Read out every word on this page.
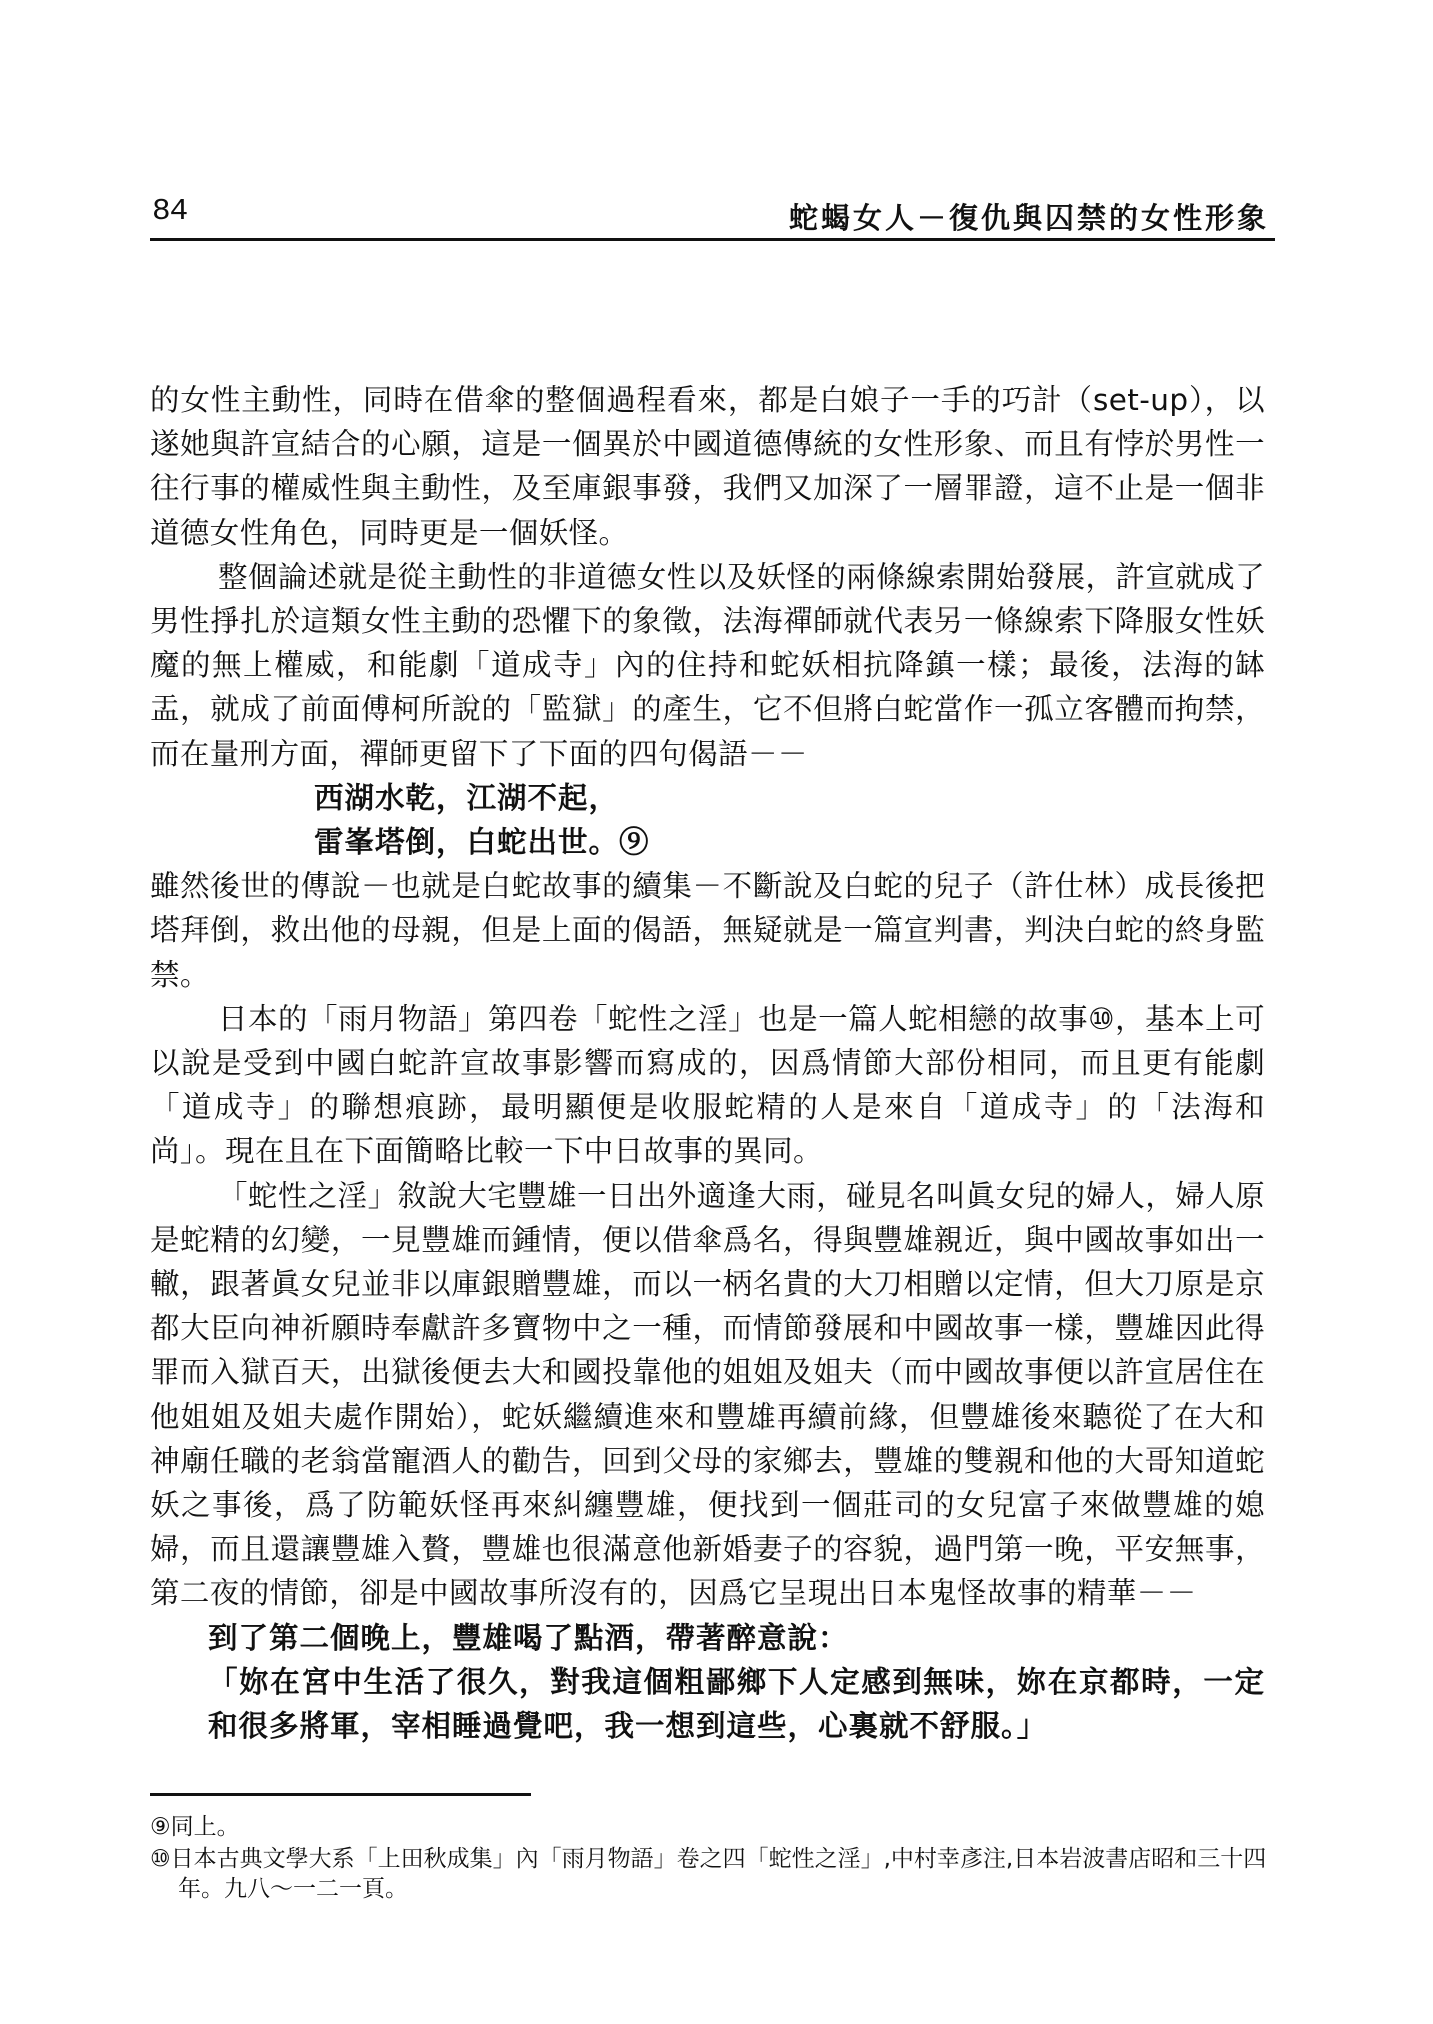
84	蛇蝎女人－復仇與囚禁的女性形象

的女性主動性，同時在借傘的整個過程看來，都是白娘子一手的巧計（set-up），以遂她與許宣結合的心願，這是一個異於中國道德傳統的女性形象、而且有悖於男性一往行事的權威性與主動性，及至庫銀事發，我們又加深了一層罪證，這不止是一個非道德女性角色，同時更是一個妖怪。

整個論述就是從主動性的非道德女性以及妖怪的兩條線索開始發展，許宣就成了男性掙扎於這類女性主動的恐懼下的象徵，法海禪師就代表另一條線索下降服女性妖魔的無上權威，和能劇「道成寺」內的住持和蛇妖相抗降鎮一樣；最後，法海的缽盂，就成了前面傅柯所說的「監獄」的產生，它不但將白蛇當作一孤立客體而拘禁，而在量刑方面，禪師更留下了下面的四句偈語－－

西湖水乾，江湖不起，

雷峯塔倒，白蛇出世。⑨

雖然後世的傳說－也就是白蛇故事的續集－不斷說及白蛇的兒子（許仕林）成長後把塔拜倒，救出他的母親，但是上面的偈語，無疑就是一篇宣判書，判決白蛇的終身監禁。

日本的「雨月物語」第四卷「蛇性之淫」也是一篇人蛇相戀的故事⑩，基本上可以說是受到中國白蛇許宣故事影響而寫成的，因爲情節大部份相同，而且更有能劇「道成寺」的聯想痕跡，最明顯便是收服蛇精的人是來自「道成寺」的「法海和尚」。現在且在下面簡略比較一下中日故事的異同。

「蛇性之淫」敘說大宅豐雄一日出外適逢大雨，碰見名叫眞女兒的婦人，婦人原是蛇精的幻變，一見豐雄而鍾情，便以借傘爲名，得與豐雄親近，與中國故事如出一轍，跟著眞女兒並非以庫銀贈豐雄，而以一柄名貴的大刀相贈以定情，但大刀原是京都大臣向神祈願時奉獻許多寶物中之一種，而情節發展和中國故事一樣，豐雄因此得罪而入獄百天，出獄後便去大和國投靠他的姐姐及姐夫（而中國故事便以許宣居住在他姐姐及姐夫處作開始），蛇妖繼續進來和豐雄再續前緣，但豐雄後來聽從了在大和神廟任職的老翁當寵酒人的勸告，回到父母的家鄉去，豐雄的雙親和他的大哥知道蛇妖之事後，爲了防範妖怪再來糾纏豐雄，便找到一個莊司的女兒富子來做豐雄的媳婦，而且還讓豐雄入贅，豐雄也很滿意他新婚妻子的容貌，過門第一晚，平安無事，第二夜的情節，卻是中國故事所沒有的，因爲它呈現出日本鬼怪故事的精華－－

到了第二個晚上，豐雄喝了點酒，帶著醉意說：

「妳在宮中生活了很久，對我這個粗鄙鄉下人定感到無味，妳在京都時，一定和很多將軍，宰相睡過覺吧，我一想到這些，心裏就不舒服。」

⑨同上。

⑩日本古典文學大系「上田秋成集」內「雨月物語」卷之四「蛇性之淫」,中村幸彥注,日本岩波書店昭和三十四年。九八～一二一頁。
